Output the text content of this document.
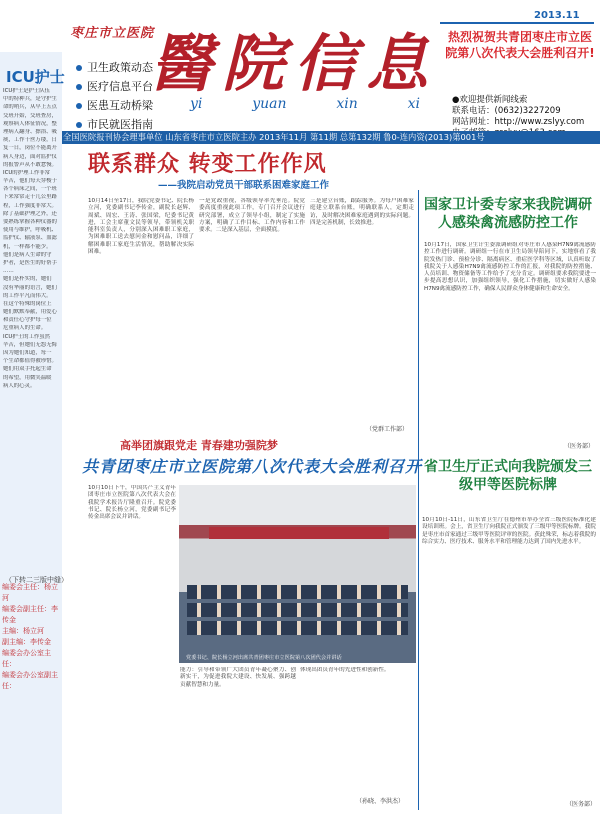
枣庄市立医院
卫生政策动态
医疗信息平台
医患互动桥梁
市民就医指南
醫院信息
yi	yuan	xin	xi
2013.11
热烈祝贺共青团枣庄市立医院第八次代表大会胜利召开!
●欢迎提供新闻线索
联系电话：(0632)3227209
网站网址：http://www.zslyy.com
全国医院报刊协会理事单位 山东省枣庄市立医院主办 2013年11月 第11期 总第132期 鲁0-连内资(2013)第001号
ICU护士
ICU护士是护士队伍
中的特种兵，是守护生
命的哨兵，从早上五点
交班开始，交班查房，
观察病人体征情况，整
理病人翻身、擦浴、吸
痰，工作千丝万缕，日
复一日，岗位不能离开
病人身边，面对监护仪
的报警声从不敢怠慢。
ICU的护理工作非常
辛苦，他们每天穿梭于
各个病床之间，一个班
下来常常走十几公里路
程，工作强度非常大。
除了基础护理之外，还
要熟练掌握各种仪器的
使用与维护，呼吸机、
监护仪、输液泵、血滤
机，一样都不能少。
他们是病人生命的守
护者，是医生的好帮手
……
她们是朴实的，她们
没有华丽的语言，她们
的工作平凡而伟大。
在这个特殊的岗位上
她们默默奉献，用爱心
和责任心守护每一位
危重病人的生命。
ICU护士的工作虽然
辛苦，但她们无怨无悔
因为她们知道，每一
个生命都值得被珍惜。
她们用双手托起生命
的希望，用微笑温暖
病人的心灵。
（下转二三版中缝）
编委会主任：杨立河
编委会副主任：李传金
主编：杨立河
副主编：李传金
编委会办公室主任：
编委会办公室副主任：
联系群众 转变工作作风
——我院启动党员干部联系困难家庭工作
10月14日至17日，我院党委书记、院长杨立河，党委副书记李传金，副院长赵辉、周斌、周宏、王涛、张国梁，纪委书记黄进，工会主席董文民等领导，带领机关职能科室负责人，分别深入困难职工家庭，为困难职工送去慰问金和慰问品，详细了解困难职工家庭生活情况，帮助解决实际困难。
一是党政重视，各级领导率先垂范。院党委高度重视此项工作，专门召开会议进行研究部署，成立了领导小组，制定了实施方案，明确了工作目标、工作内容和工作要求。二是深入基层，全面摸底。
三是建立台账，跟踪服务。为每户困难家庭建立联系台账，明确联系人，定期走访，及时解决困难家庭遇到的实际问题。四是完善机制，长效推进。
（党群工作部）
国家卫计委专家来我院调研人感染禽流感防控工作
10月17日，国家卫生计生委派调研组对枣庄市人感染H7N9禽流感防控工作进行调研。调研组一行在市卫生局领导陪同下，实地察看了我院发热门诊、预检分诊、隔离病区、重症医学科等区域，认真听取了我院关于人感染H7N9禽流感防控工作的汇报，对我院的防控措施、人员培训、物资储备等工作给予了充分肯定。调研组要求我院要进一步提高思想认识，加强组织领导，强化工作措施，切实做好人感染H7N9禽流感防控工作，确保人民群众身体健康和生命安全。
（医务部）
高举团旗跟党走 青春建功强院梦
共青团枣庄市立医院第八次代表大会胜利召开
10月10日下午，中国共产主义青年团枣庄市立医院第八次代表大会在我院学术报告厅隆重召开。院党委书记、院长杨立河，党委副书记李传金出席会议并讲话。
党委书记、院长杨立河出席共青团枣庄市立医院第八次团代会并讲话
能力：引导和带领广大团员青年凝心聚力、创新实干，为促进我院大建设、快发展、强跨越贡献智慧和力量。
体现出团员青年的先进性和创新性。
（孙晓、李洪杰）
省卫生厅正式向我院颁发三级甲等医院标牌
10月10日-11日，山东省卫生厅在德州市举办全省三级医院标准化建设培训班。会上，省卫生厅向我院正式颁发了三级甲等医院标牌。我院是枣庄市首家通过三级甲等医院评审的医院。获此殊荣，标志着我院的综合实力、医疗技术、服务水平和管理能力达到了国内先进水平。
（医务部）
